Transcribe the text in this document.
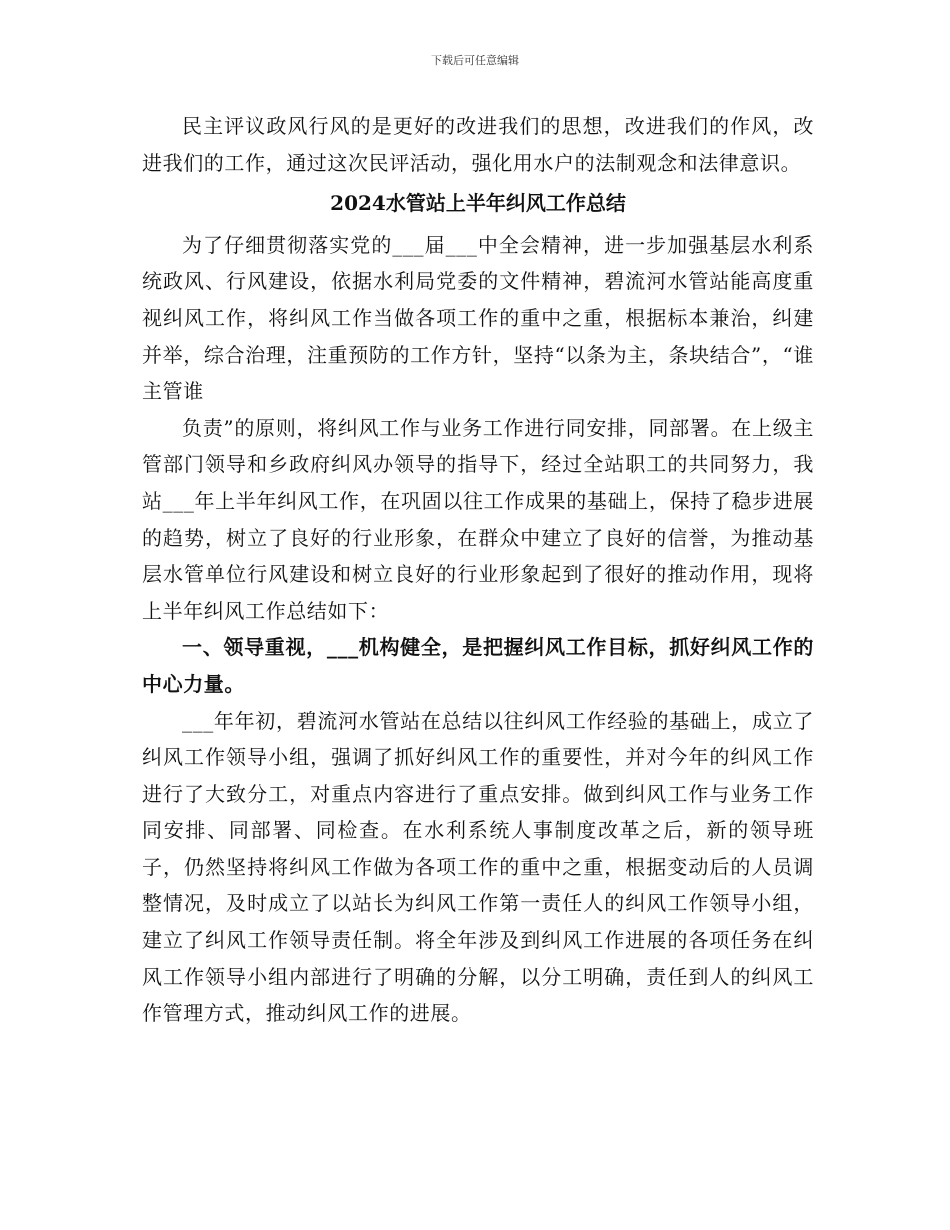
下载后可任意编辑

民主评议政风行风的是更好的改进我们的思想，改进我们的作风，改进我们的工作，通过这次民评活动，强化用水户的法制观念和法律意识。

2024水管站上半年纠风工作总结

为了仔细贯彻落实党的___届___中全会精神，进一步加强基层水利系统政风、行风建设，依据水利局党委的文件精神，碧流河水管站能高度重视纠风工作，将纠风工作当做各项工作的重中之重，根据标本兼治，纠建并举，综合治理，注重预防的工作方针，坚持“以条为主，条块结合”，“谁主管谁

负责”的原则，将纠风工作与业务工作进行同安排，同部署。在上级主管部门领导和乡政府纠风办领导的指导下，经过全站职工的共同努力，我站___年上半年纠风工作，在巩固以往工作成果的基础上，保持了稳步进展的趋势，树立了良好的行业形象，在群众中建立了良好的信誉，为推动基层水管单位行风建设和树立良好的行业形象起到了很好的推动作用，现将上半年纠风工作总结如下：

一、领导重视，___机构健全，是把握纠风工作目标，抓好纠风工作的中心力量。

___年年初，碧流河水管站在总结以往纠风工作经验的基础上，成立了纠风工作领导小组，强调了抓好纠风工作的重要性，并对今年的纠风工作进行了大致分工，对重点内容进行了重点安排。做到纠风工作与业务工作同安排、同部署、同检查。在水利系统人事制度改革之后，新的领导班子，仍然坚持将纠风工作做为各项工作的重中之重，根据变动后的人员调整情况，及时成立了以站长为纠风工作第一责任人的纠风工作领导小组，建立了纠风工作领导责任制。将全年涉及到纠风工作进展的各项任务在纠风工作领导小组内部进行了明确的分解，以分工明确，责任到人的纠风工作管理方式，推动纠风工作的进展。
